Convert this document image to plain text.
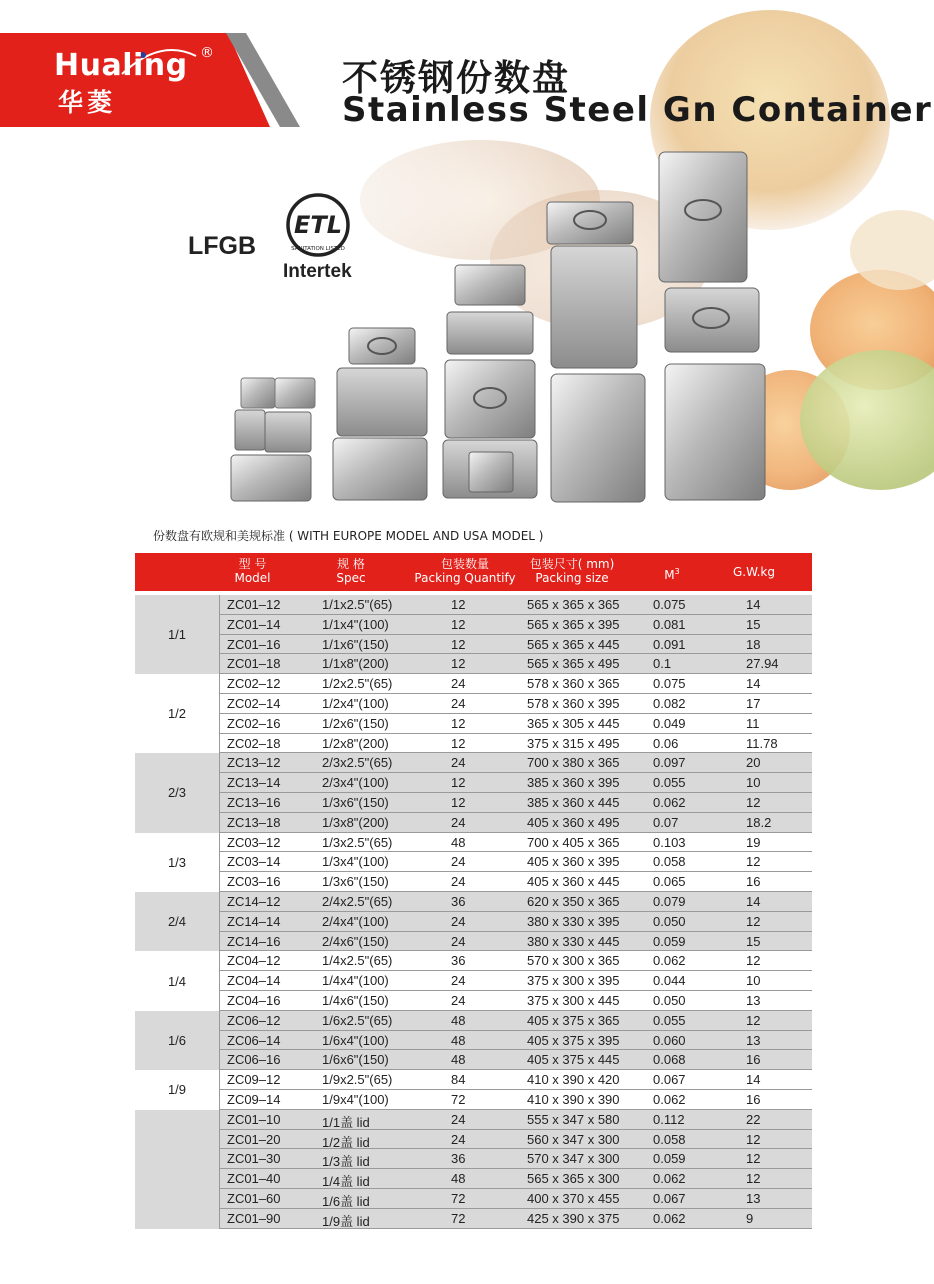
Hualing ®
华菱
不锈钢份数盘
Stainless Steel Gn Container
LFGB
ETL
SANITATION LISTED
Intertek
份数盘有欧规和美规标准 ( WITH EUROPE MODEL AND USA MODEL )
型 号
Model
规 格
Spec
包装数量
Packing Quantify
包装尺寸( mm)
Packing size	$M^3$	G.W.kg
1/1
ZC01–12	1/1x2.5"(65)	12	565 x 365 x 365	0.075	14
ZC01–14	1/1x4"(100)	12	565 x 365 x 395	0.081	15
ZC01–16	1/1x6"(150)	12	565 x 365 x 445	0.091	18
ZC01–18	1/1x8"(200)	12	565 x 365 x 495	0.1	27.94
1/2
ZC02–12	1/2x2.5"(65)	24	578 x 360 x 365	0.075	14
ZC02–14	1/2x4"(100)	24	578 x 360 x 395	0.082	17
ZC02–16	1/2x6"(150)	12	365 x 305 x 445	0.049	11
ZC02–18	1/2x8"(200)	12	375 x 315 x 495	0.06	11.78
2/3
ZC13–12	2/3x2.5"(65)	24	700 x 380 x 365	0.097	20
ZC13–14	2/3x4"(100)	12	385 x 360 x 395	0.055	10
ZC13–16	1/3x6"(150)	12	385 x 360 x 445	0.062	12
ZC13–18	1/3x8"(200)	24	405 x 360 x 495	0.07	18.2
1/3
ZC03–12	1/3x2.5"(65)	48	700 x 405 x 365	0.103	19
ZC03–14	1/3x4"(100)	24	405 x 360 x 395	0.058	12
ZC03–16	1/3x6"(150)	24	405 x 360 x 445	0.065	16
2/4
ZC14–12	2/4x2.5"(65)	36	620 x 350 x 365	0.079	14
ZC14–14	2/4x4"(100)	24	380 x 330 x 395	0.050	12
ZC14–16	2/4x6"(150)	24	380 x 330 x 445	0.059	15
1/4
ZC04–12	1/4x2.5"(65)	36	570 x 300 x 365	0.062	12
ZC04–14	1/4x4"(100)	24	375 x 300 x 395	0.044	10
ZC04–16	1/4x6"(150)	24	375 x 300 x 445	0.050	13
1/6
ZC06–12	1/6x2.5"(65)	48	405 x 375 x 365	0.055	12
ZC06–14	1/6x4"(100)	48	405 x 375 x 395	0.060	13
ZC06–16	1/6x6"(150)	48	405 x 375 x 445	0.068	16
1/9
ZC09–12	1/9x2.5"(65)	84	410 x 390 x 420	0.067	14
ZC09–14	1/9x4"(100)	72	410 x 390 x 390	0.062	16
ZC01–10	1/1盖 lid	24	555 x 347 x 580	0.112	22
ZC01–20	1/2盖 lid	24	560 x 347 x 300	0.058	12
ZC01–30	1/3盖 lid	36	570 x 347 x 300	0.059	12
ZC01–40	1/4盖 lid	48	565 x 365 x 300	0.062	12
ZC01–60	1/6盖 lid	72	400 x 370 x 455	0.067	13
ZC01–90	1/9盖 lid	72	425 x 390 x 375	0.062	9
